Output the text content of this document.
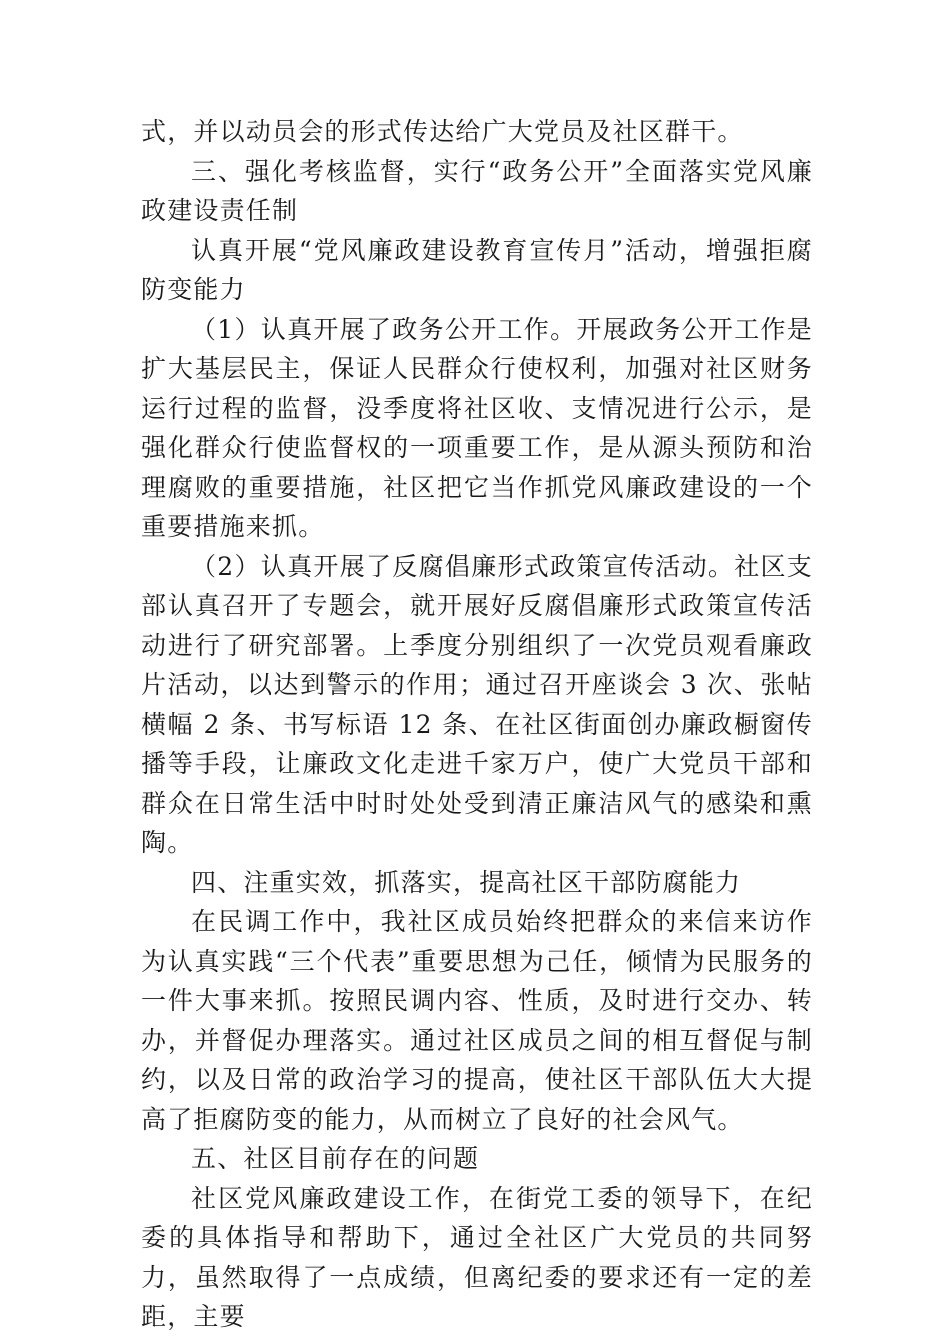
式，并以动员会的形式传达给广大党员及社区群干。

三、强化考核监督，实行“政务公开”全面落实党风廉政建设责任制

认真开展“党风廉政建设教育宣传月”活动，增强拒腐防变能力

（1）认真开展了政务公开工作。开展政务公开工作是扩大基层民主，保证人民群众行使权利，加强对社区财务运行过程的监督，没季度将社区收、支情况进行公示，是强化群众行使监督权的一项重要工作，是从源头预防和治理腐败的重要措施，社区把它当作抓党风廉政建设的一个重要措施来抓。

（2）认真开展了反腐倡廉形式政策宣传活动。社区支部认真召开了专题会，就开展好反腐倡廉形式政策宣传活动进行了研究部署。上季度分别组织了一次党员观看廉政片活动，以达到警示的作用；通过召开座谈会 3 次、张帖横幅 2 条、书写标语 12 条、在社区街面创办廉政橱窗传播等手段，让廉政文化走进千家万户，使广大党员干部和群众在日常生活中时时处处受到清正廉洁风气的感染和熏陶。

四、注重实效，抓落实，提高社区干部防腐能力

在民调工作中，我社区成员始终把群众的来信来访作为认真实践“三个代表”重要思想为己任，倾情为民服务的一件大事来抓。按照民调内容、性质，及时进行交办、转办，并督促办理落实。通过社区成员之间的相互督促与制约，以及日常的政治学习的提高，使社区干部队伍大大提高了拒腐防变的能力，从而树立了良好的社会风气。

五、社区目前存在的问题

社区党风廉政建设工作，在街党工委的领导下，在纪委的具体指导和帮助下，通过全社区广大党员的共同努力，虽然取得了一点成绩，但离纪委的要求还有一定的差距，主要
